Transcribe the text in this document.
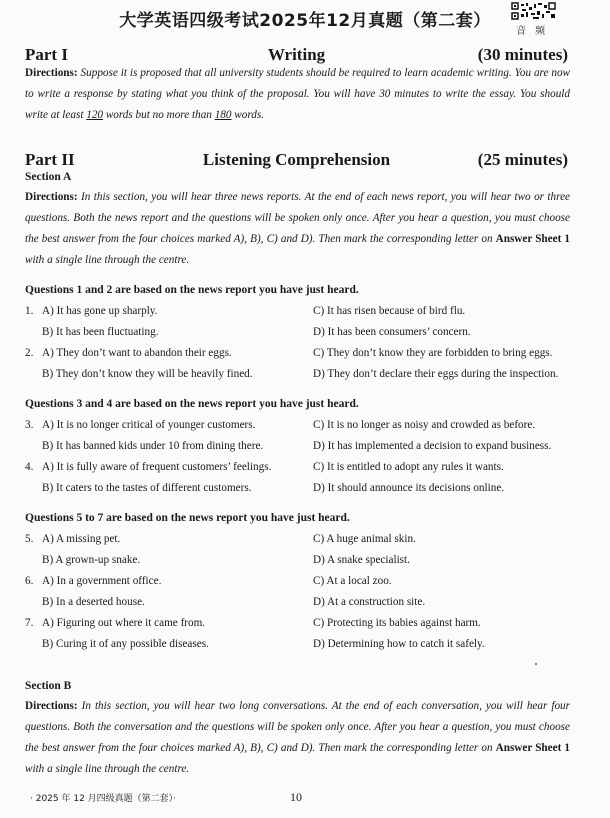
大学英语四级考试2025年12月真题（第二套）
音 频
Part I	Writing	(30 minutes)

Directions: Suppose it is proposed that all university students should be required to learn academic writing. You are now to write a response by stating what you think of the proposal. You will have 30 minutes to write the essay. You should write at least 120 words but no more than 180 words.

Part II	Listening Comprehension	(25 minutes)
Section A

Directions: In this section, you will hear three news reports. At the end of each news report, you will hear two or three questions. Both the news report and the questions will be spoken only once. After you hear a question, you must choose the best answer from the four choices marked A), B), C) and D). Then mark the corresponding letter on Answer Sheet 1 with a single line through the centre.

Questions 1 and 2 are based on the news report you have just heard.
1. A) It has gone up sharply.	C) It has risen because of bird flu.
B) It has been fluctuating.	D) It has been consumers’ concern.
2. A) They don’t want to abandon their eggs.	C) They don’t know they are forbidden to bring eggs.
B) They don’t know they will be heavily fined.	D) They don’t declare their eggs during the inspection.
Questions 3 and 4 are based on the news report you have just heard.
3. A) It is no longer critical of younger customers.	C) It is no longer as noisy and crowded as before.
B) It has banned kids under 10 from dining there.	D) It has implemented a decision to expand business.
4. A) It is fully aware of frequent customers’ feelings.	C) It is entitled to adopt any rules it wants.
B) It caters to the tastes of different customers.	D) It should announce its decisions online.
Questions 5 to 7 are based on the news report you have just heard.
5. A) A missing pet.	C) A huge animal skin.
B) A grown-up snake.	D) A snake specialist.
6. A) In a government office.	C) At a local zoo.
B) In a deserted house.	D) At a construction site.
7. A) Figuring out where it came from.	C) Protecting its babies against harm.
B) Curing it of any possible diseases.	D) Determining how to catch it safely.
Section B

Directions: In this section, you will hear two long conversations. At the end of each conversation, you will hear four questions. Both the conversation and the questions will be spoken only once. After you hear a question, you must choose the best answer from the four choices marked A), B), C) and D). Then mark the corresponding letter on Answer Sheet 1 with a single line through the centre.

· 2025 年 12 月四级真题（第二套）·	10
